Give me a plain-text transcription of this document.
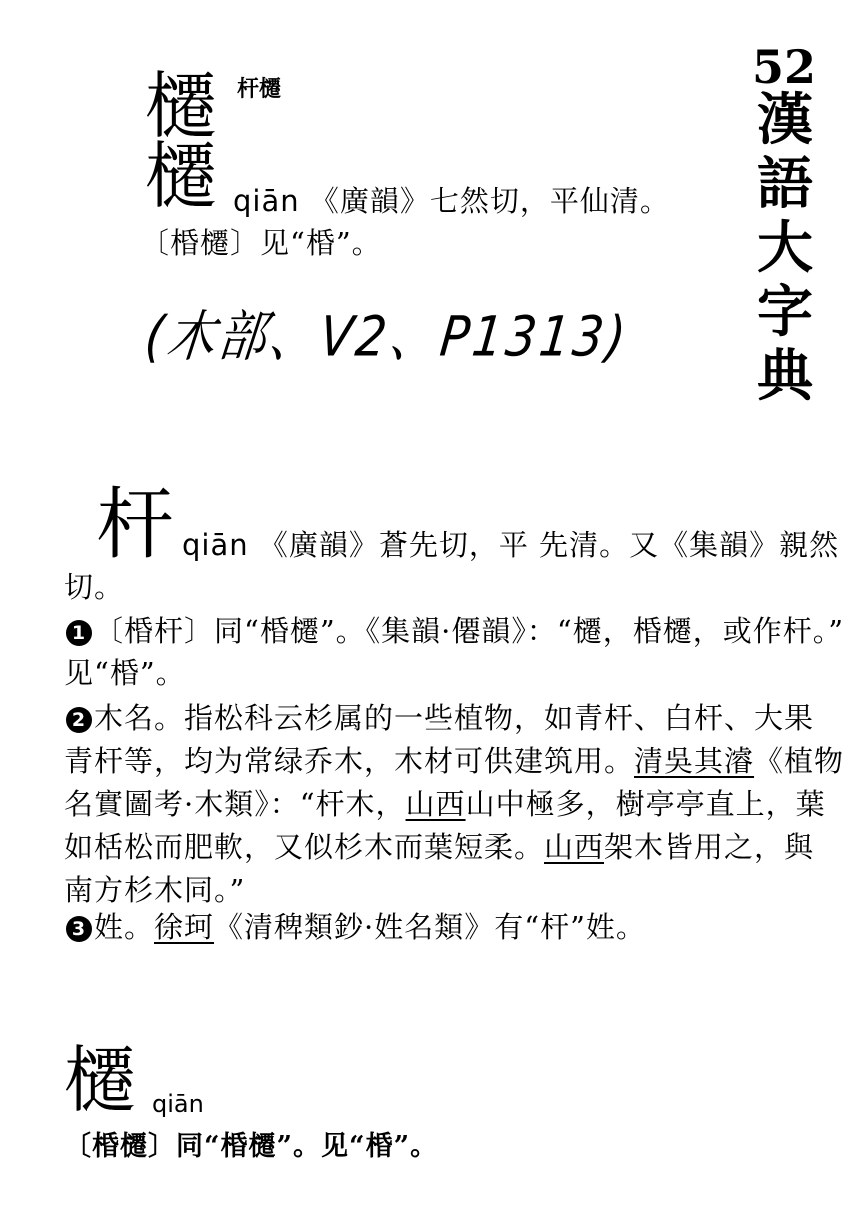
52
漢
語
大
字
典
櫏
櫏
杆櫏
qiān 《廣韻》七然切，平仙清。
〔棔櫏〕见“棔”。
(木部、V2、P1313)
杆 qiān 《廣韻》蒼先切，平 先清。又《集韻》親然
切。
1 〔棔杆〕同“棔櫏”。《集韻·僊韻》：“櫏，棔櫏，或作杆。”
见“棔”。
2 木名。指松科云杉属的一些植物，如青杆、白杆、大果
青杆等，均为常绿乔木，木材可供建筑用。清吳其濬《植物
名實圖考·木類》：“杆木，山西山中極多，樹亭亭直上，葉
如栝松而肥軟，又似杉木而葉短柔。山西架木皆用之，與
南方杉木同。”
3 姓。徐珂《清稗類鈔·姓名類》有“杆”姓。
櫏 qiān
〔棔櫏〕同“棔櫏”。见“棔”。
